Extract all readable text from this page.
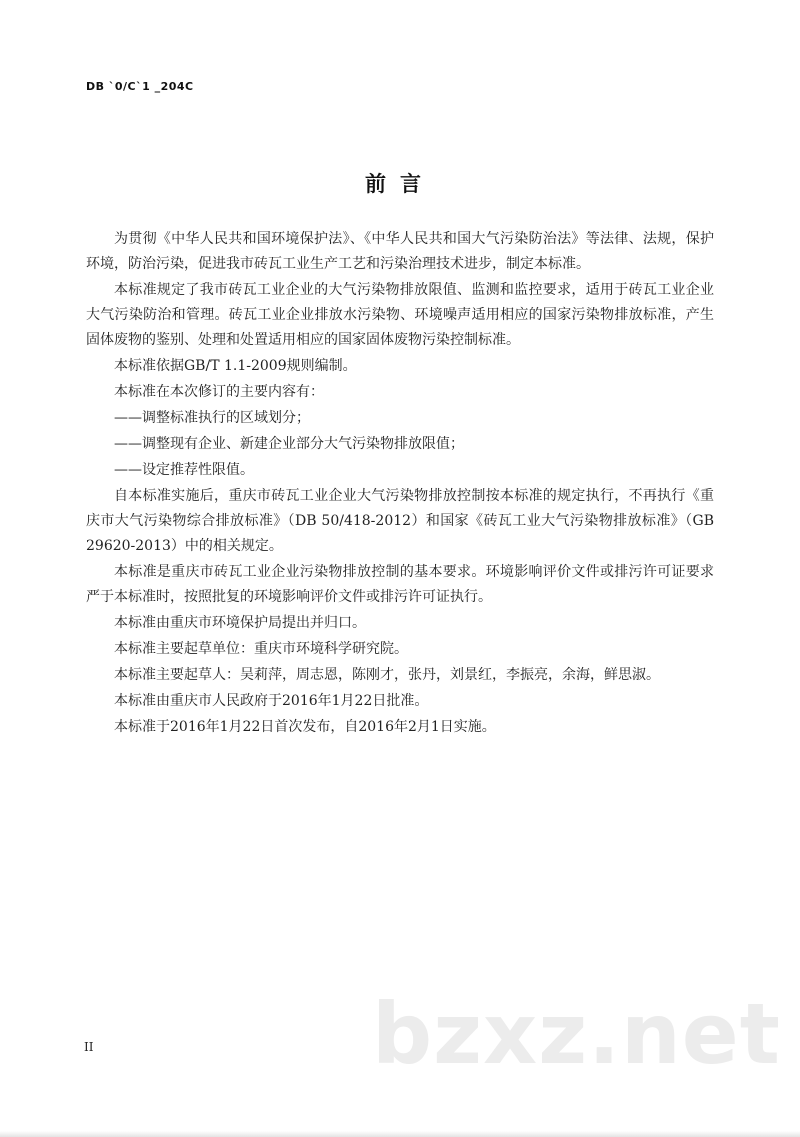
DB `0/C`1 _204C
前言

为贯彻《中华人民共和国环境保护法》、《中华人民共和国大气污染防治法》等法律、法规，保护环境，防治污染，促进我市砖瓦工业生产工艺和污染治理技术进步，制定本标准。

本标准规定了我市砖瓦工业企业的大气污染物排放限值、监测和监控要求，适用于砖瓦工业企业大气污染防治和管理。砖瓦工业企业排放水污染物、环境噪声适用相应的国家污染物排放标准，产生固体废物的鉴别、处理和处置适用相应的国家固体废物污染控制标准。

本标准依据GB/T 1.1-2009规则编制。

本标准在本次修订的主要内容有：

——调整标准执行的区域划分；

——调整现有企业、新建企业部分大气污染物排放限值；

——设定推荐性限值。

自本标准实施后，重庆市砖瓦工业企业大气污染物排放控制按本标准的规定执行，不再执行《重庆市大气污染物综合排放标准》（DB 50/418-2012）和国家《砖瓦工业大气污染物排放标准》（GB 29620-2013）中的相关规定。

本标准是重庆市砖瓦工业企业污染物排放控制的基本要求。环境影响评价文件或排污许可证要求严于本标准时，按照批复的环境影响评价文件或排污许可证执行。

本标准由重庆市环境保护局提出并归口。

本标准主要起草单位：重庆市环境科学研究院。

本标准主要起草人：吴莉萍，周志恩，陈刚才，张丹，刘景红，李振亮，余海，鲜思淑。

本标准由重庆市人民政府于2016年1月22日批准。

本标准于2016年1月22日首次发布，自2016年2月1日实施。

II	bzxz.net
